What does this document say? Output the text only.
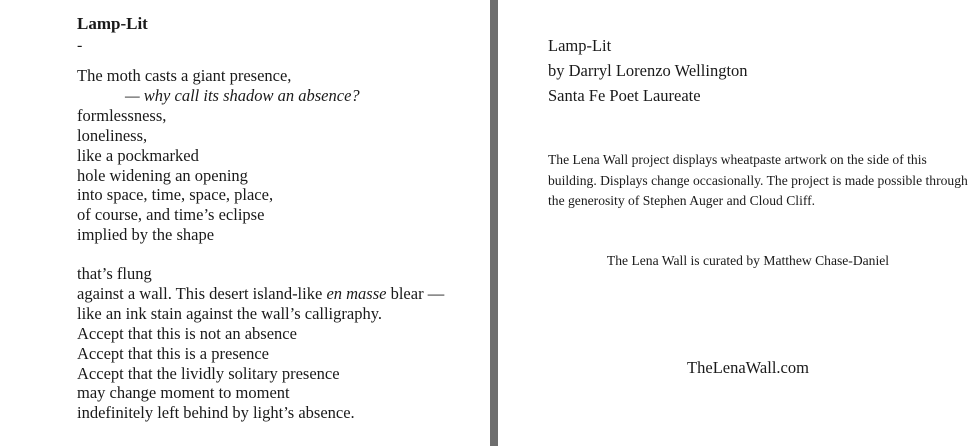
Lamp-Lit
-
The moth casts a giant presence,
— why call its shadow an absence?
formlessness,
loneliness,
like a pockmarked
hole widening an opening
into space, time, space, place,
of course, and time’s eclipse
implied by the shape
that’s flung
against a wall. This desert island-like en masse blear —
like an ink stain against the wall’s calligraphy.
Accept that this is not an absence
Accept that this is a presence
Accept that the lividly solitary presence
may change moment to moment
indefinitely left behind by light’s absence.
Lamp-Lit
by Darryl Lorenzo Wellington
Santa Fe Poet Laureate

The Lena Wall project displays wheatpaste artwork on the side of this building. Displays change occasionally. The project is made possible through the generosity of Stephen Auger and Cloud Cliff.

The Lena Wall is curated by Matthew Chase-Daniel
TheLenaWall.com
